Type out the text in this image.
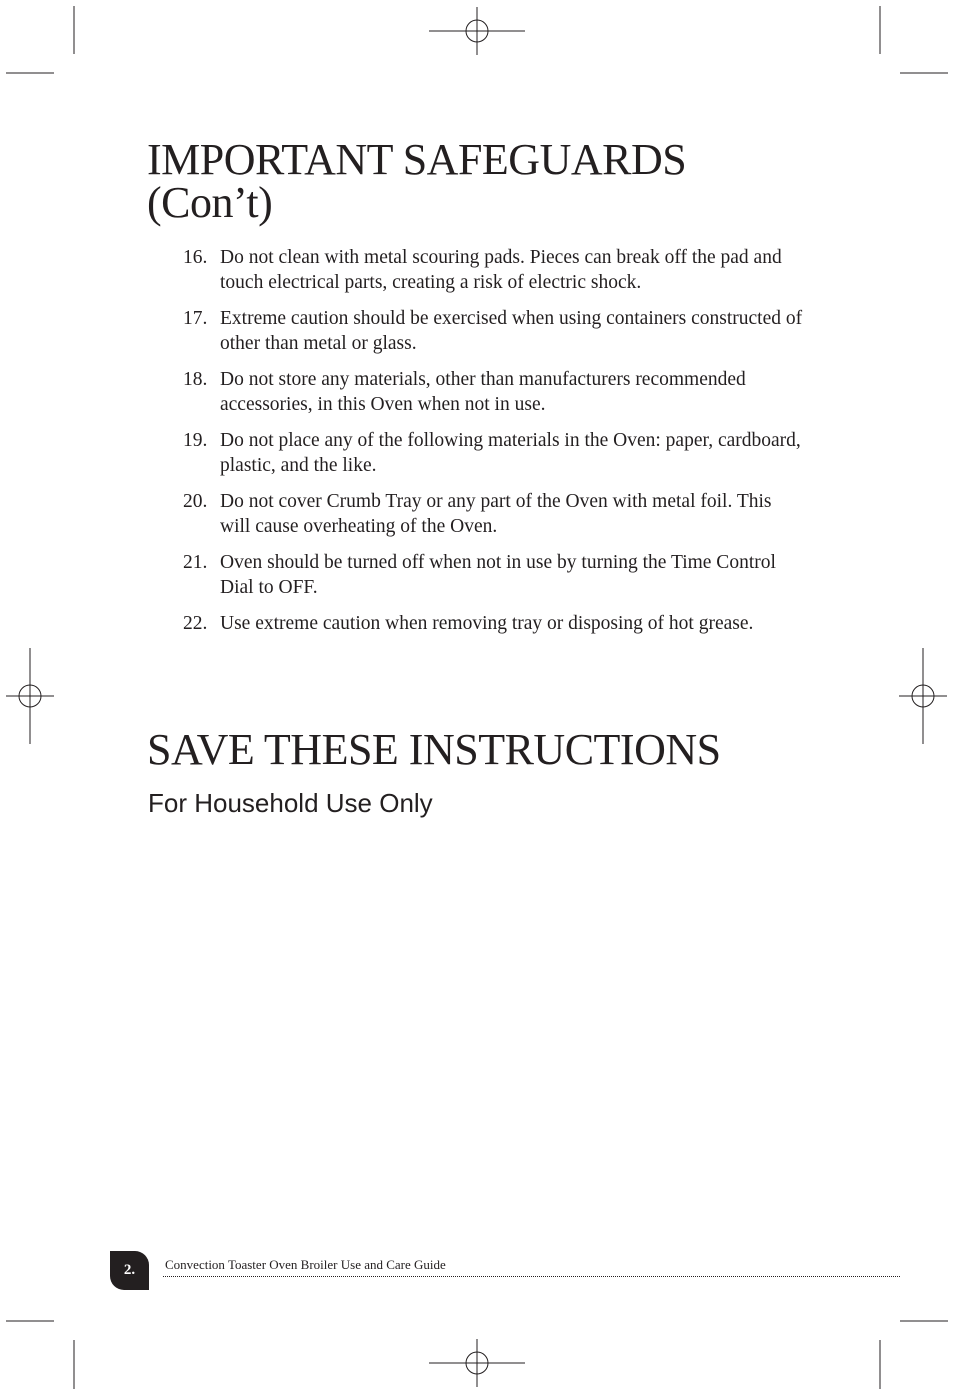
IMPORTANT SAFEGUARDS
(Con’t)
16. Do not clean with metal scouring pads. Pieces can break off the pad and touch electrical parts, creating a risk of electric shock.
17. Extreme caution should be exercised when using containers constructed of other than metal or glass.
18. Do not store any materials, other than manufacturers recommended accessories, in this Oven when not in use.
19. Do not place any of the following materials in the Oven: paper, cardboard, plastic, and the like.
20. Do not cover Crumb Tray or any part of the Oven with metal foil. This will cause overheating of the Oven.
21. Oven should be turned off when not in use by turning the Time Control Dial to OFF.
22. Use extreme caution when removing tray or disposing of hot grease.
SAVE THESE INSTRUCTIONS
For Household Use Only
2. Convection Toaster Oven Broiler Use and Care Guide
